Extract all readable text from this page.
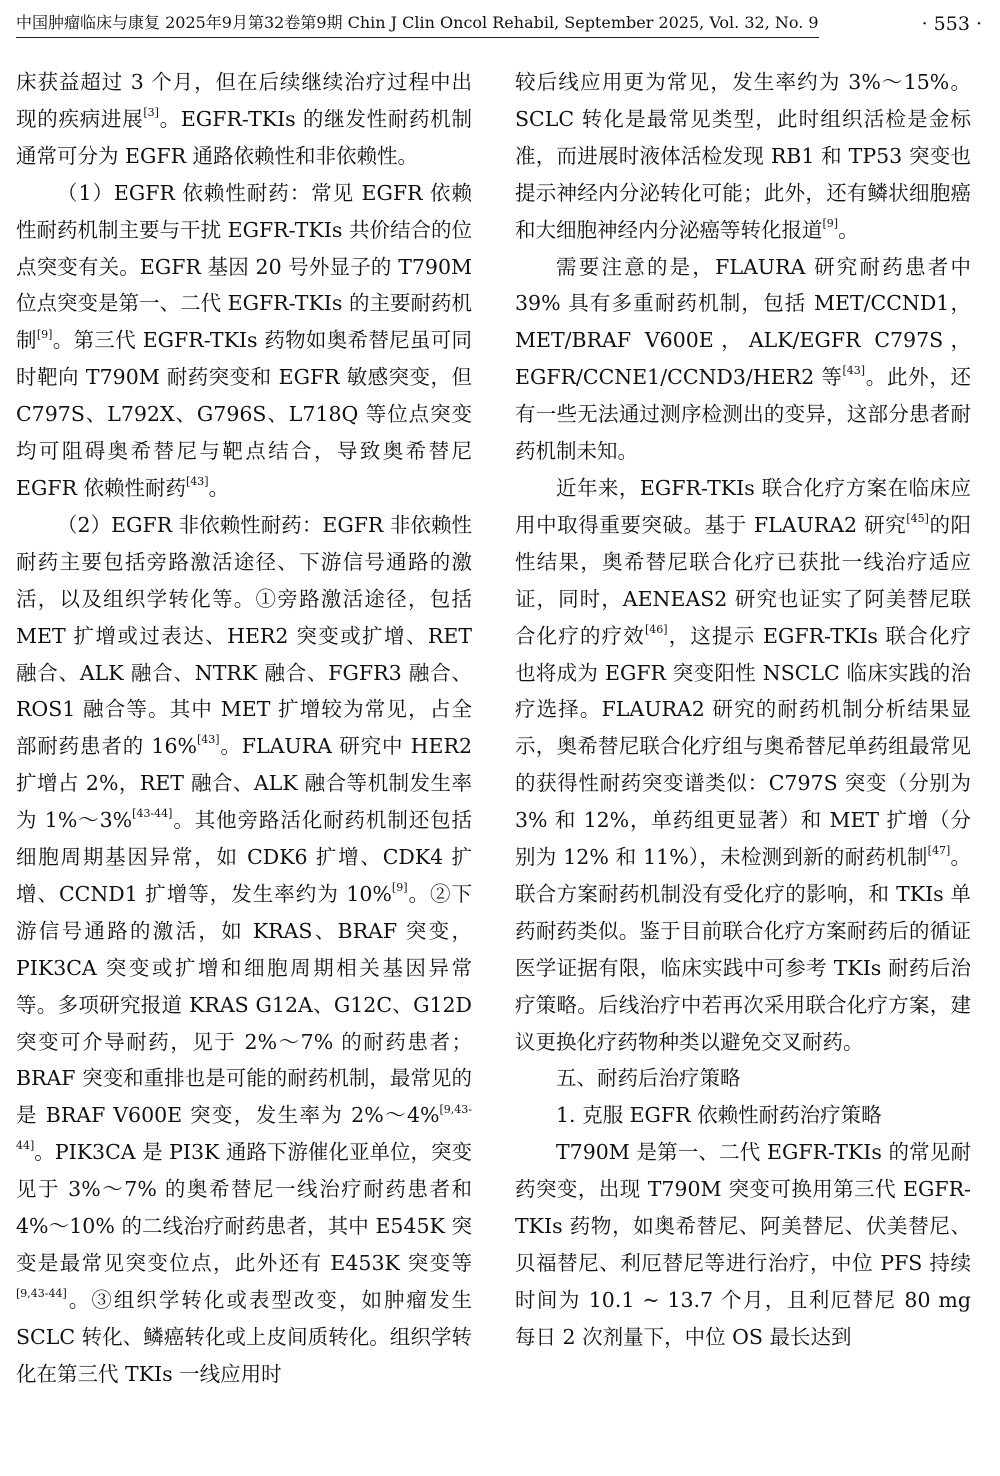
中国肿瘤临床与康复 2025年9月第32卷第9期 Chin J Clin Oncol Rehabil, September 2025, Vol. 32, No. 9	· 553 ·

床获益超过 3 个月，但在后续继续治疗过程中出现的疾病进展[3]。EGFR-TKIs 的继发性耐药机制通常可分为 EGFR 通路依赖性和非依赖性。

（1）EGFR 依赖性耐药：常见 EGFR 依赖性耐药机制主要与干扰 EGFR-TKIs 共价结合的位点突变有关。EGFR 基因 20 号外显子的 T790M 位点突变是第一、二代 EGFR-TKIs 的主要耐药机制[9]。第三代 EGFR-TKIs 药物如奥希替尼虽可同时靶向 T790M 耐药突变和 EGFR 敏感突变，但 C797S、L792X、G796S、L718Q 等位点突变均可阻碍奥希替尼与靶点结合，导致奥希替尼 EGFR 依赖性耐药[43]。

（2）EGFR 非依赖性耐药：EGFR 非依赖性耐药主要包括旁路激活途径、下游信号通路的激活，以及组织学转化等。①旁路激活途径，包括 MET 扩增或过表达、HER2 突变或扩增、RET 融合、ALK 融合、NTRK 融合、FGFR3 融合、ROS1 融合等。其中 MET 扩增较为常见，占全部耐药患者的 16%[43]。FLAURA 研究中 HER2 扩增占 2%，RET 融合、ALK 融合等机制发生率为 1%～3%[43-44]。其他旁路活化耐药机制还包括细胞周期基因异常，如 CDK6 扩增、CDK4 扩增、CCND1 扩增等，发生率约为 10%[9]。②下游信号通路的激活，如 KRAS、BRAF 突变，PIK3CA 突变或扩增和细胞周期相关基因异常等。多项研究报道 KRAS G12A、G12C、G12D 突变可介导耐药，见于 2%～7% 的耐药患者；BRAF 突变和重排也是可能的耐药机制，最常见的是 BRAF V600E 突变，发生率为 2%～4%[9,43-44]。PIK3CA 是 PI3K 通路下游催化亚单位，突变见于 3%～7% 的奥希替尼一线治疗耐药患者和 4%～10% 的二线治疗耐药患者，其中 E545K 突变是最常见突变位点，此外还有 E453K 突变等[9,43-44]。③组织学转化或表型改变，如肿瘤发生 SCLC 转化、鳞癌转化或上皮间质转化。组织学转化在第三代 TKIs 一线应用时

较后线应用更为常见，发生率约为 3%～15%。SCLC 转化是最常见类型，此时组织活检是金标准，而进展时液体活检发现 RB1 和 TP53 突变也提示神经内分泌转化可能；此外，还有鳞状细胞癌和大细胞神经内分泌癌等转化报道[9]。

需要注意的是，FLAURA 研究耐药患者中 39% 具有多重耐药机制，包括 MET/CCND1，MET/BRAF V600E，ALK/EGFR C797S，EGFR/CCNE1/CCND3/HER2 等[43]。此外，还有一些无法通过测序检测出的变异，这部分患者耐药机制未知。

近年来，EGFR-TKIs 联合化疗方案在临床应用中取得重要突破。基于 FLAURA2 研究[45]的阳性结果，奥希替尼联合化疗已获批一线治疗适应证，同时，AENEAS2 研究也证实了阿美替尼联合化疗的疗效[46]，这提示 EGFR-TKIs 联合化疗也将成为 EGFR 突变阳性 NSCLC 临床实践的治疗选择。FLAURA2 研究的耐药机制分析结果显示，奥希替尼联合化疗组与奥希替尼单药组最常见的获得性耐药突变谱类似：C797S 突变（分别为 3% 和 12%，单药组更显著）和 MET 扩增（分别为 12% 和 11%），未检测到新的耐药机制[47]。联合方案耐药机制没有受化疗的影响，和 TKIs 单药耐药类似。鉴于目前联合化疗方案耐药后的循证医学证据有限，临床实践中可参考 TKIs 耐药后治疗策略。后线治疗中若再次采用联合化疗方案，建议更换化疗药物种类以避免交叉耐药。

五、耐药后治疗策略
1. 克服 EGFR 依赖性耐药治疗策略

T790M 是第一、二代 EGFR-TKIs 的常见耐药突变，出现 T790M 突变可换用第三代 EGFR-TKIs 药物，如奥希替尼、阿美替尼、伏美替尼、贝福替尼、利厄替尼等进行治疗，中位 PFS 持续时间为 10.1 ~ 13.7 个月，且利厄替尼 80 mg 每日 2 次剂量下，中位 OS 最长达到
